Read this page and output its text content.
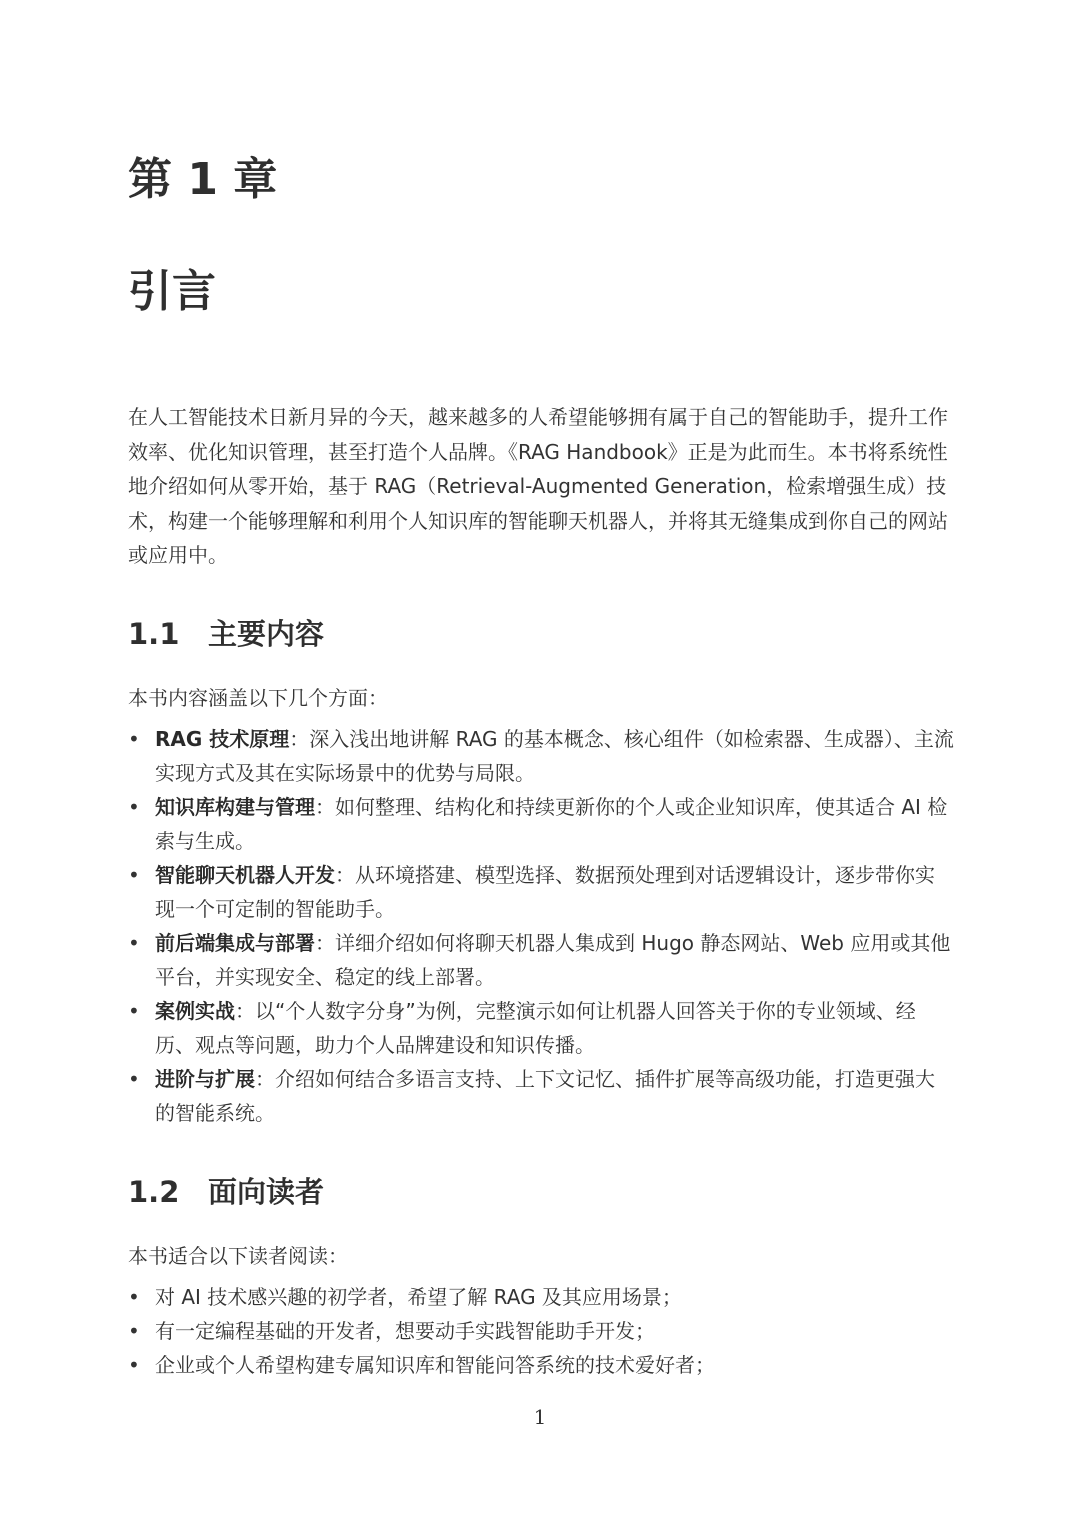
第 1 章
引言

在人工智能技术日新月异的今天，越来越多的人希望能够拥有属于自己的智能助手，提升工作效率、优化知识管理，甚至打造个人品牌。《RAG Handbook》正是为此而生。本书将系统性地介绍如何从零开始，基于 RAG（Retrieval-Augmented Generation，检索增强生成）技术，构建一个能够理解和利用个人知识库的智能聊天机器人，并将其无缝集成到你自己的网站或应用中。

1.1 主要内容
本书内容涵盖以下几个方面：
• RAG 技术原理：深入浅出地讲解 RAG 的基本概念、核心组件（如检索器、生成器）、主流实现方式及其在实际场景中的优势与局限。
• 知识库构建与管理：如何整理、结构化和持续更新你的个人或企业知识库，使其适合 AI 检索与生成。
• 智能聊天机器人开发：从环境搭建、模型选择、数据预处理到对话逻辑设计，逐步带你实现一个可定制的智能助手。
• 前后端集成与部署：详细介绍如何将聊天机器人集成到 Hugo 静态网站、Web 应用或其他平台，并实现安全、稳定的线上部署。
• 案例实战：以“个人数字分身”为例，完整演示如何让机器人回答关于你的专业领域、经历、观点等问题，助力个人品牌建设和知识传播。
• 进阶与扩展：介绍如何结合多语言支持、上下文记忆、插件扩展等高级功能，打造更强大的智能系统。
1.2 面向读者
本书适合以下读者阅读：
• 对 AI 技术感兴趣的初学者，希望了解 RAG 及其应用场景；
• 有一定编程基础的开发者，想要动手实践智能助手开发；
• 企业或个人希望构建专属知识库和智能问答系统的技术爱好者；
1
